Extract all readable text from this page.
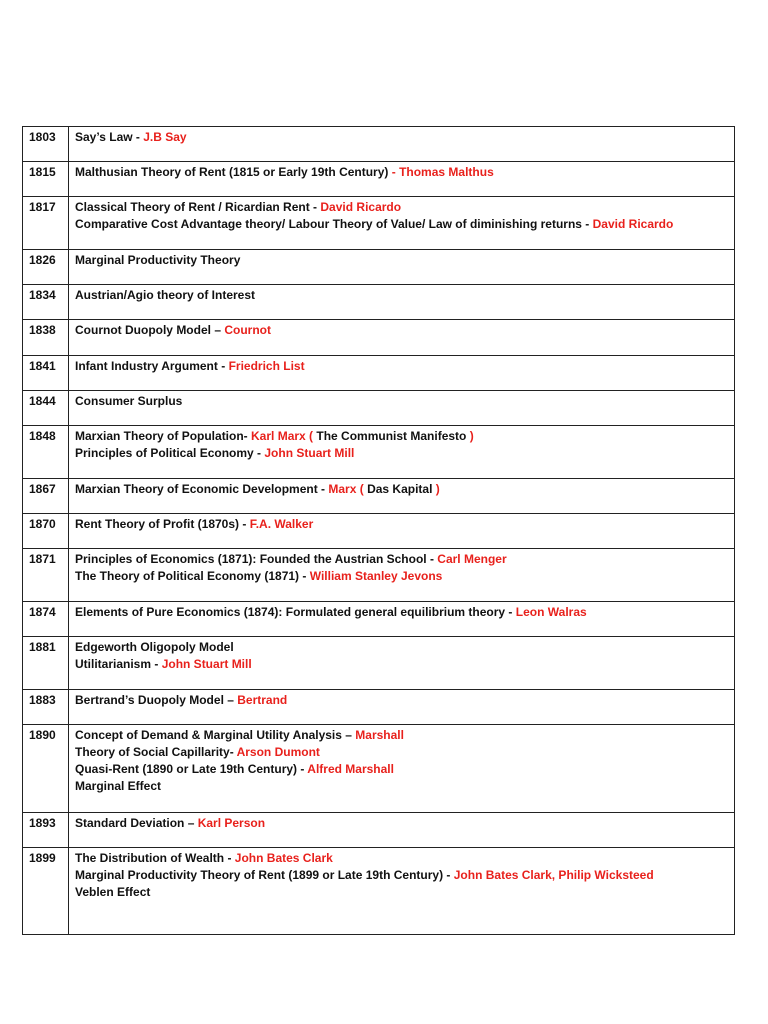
1803	Say’s Law - J.B Say

1815	Malthusian Theory of Rent (1815 or Early 19th Century) - Thomas Malthus

1817	Classical Theory of Rent / Ricardian Rent - David Ricardo
Comparative Cost Advantage theory/ Labour Theory of Value/ Law of diminishing returns - David Ricardo

1826	Marginal Productivity Theory

1834	Austrian/Agio theory of Interest

1838	Cournot Duopoly Model – Cournot

1841	Infant Industry Argument - Friedrich List

1844	Consumer Surplus

1848	Marxian Theory of Population- Karl Marx ( The Communist Manifesto )
Principles of Political Economy - John Stuart Mill

1867	Marxian Theory of Economic Development - Marx ( Das Kapital )

1870	Rent Theory of Profit (1870s) - F.A. Walker

1871	Principles of Economics (1871): Founded the Austrian School - Carl Menger
The Theory of Political Economy (1871) - William Stanley Jevons

1874	Elements of Pure Economics (1874): Formulated general equilibrium theory - Leon Walras

1881	Edgeworth Oligopoly Model
Utilitarianism - John Stuart Mill

1883	Bertrand’s Duopoly Model – Bertrand

1890	Concept of Demand & Marginal Utility Analysis – Marshall
Theory of Social Capillarity- Arson Dumont
Quasi-Rent (1890 or Late 19th Century) - Alfred Marshall
Marginal Effect

1893	Standard Deviation – Karl Person

1899	The Distribution of Wealth - John Bates Clark
Marginal Productivity Theory of Rent (1899 or Late 19th Century) - John Bates Clark, Philip Wicksteed
Veblen Effect
